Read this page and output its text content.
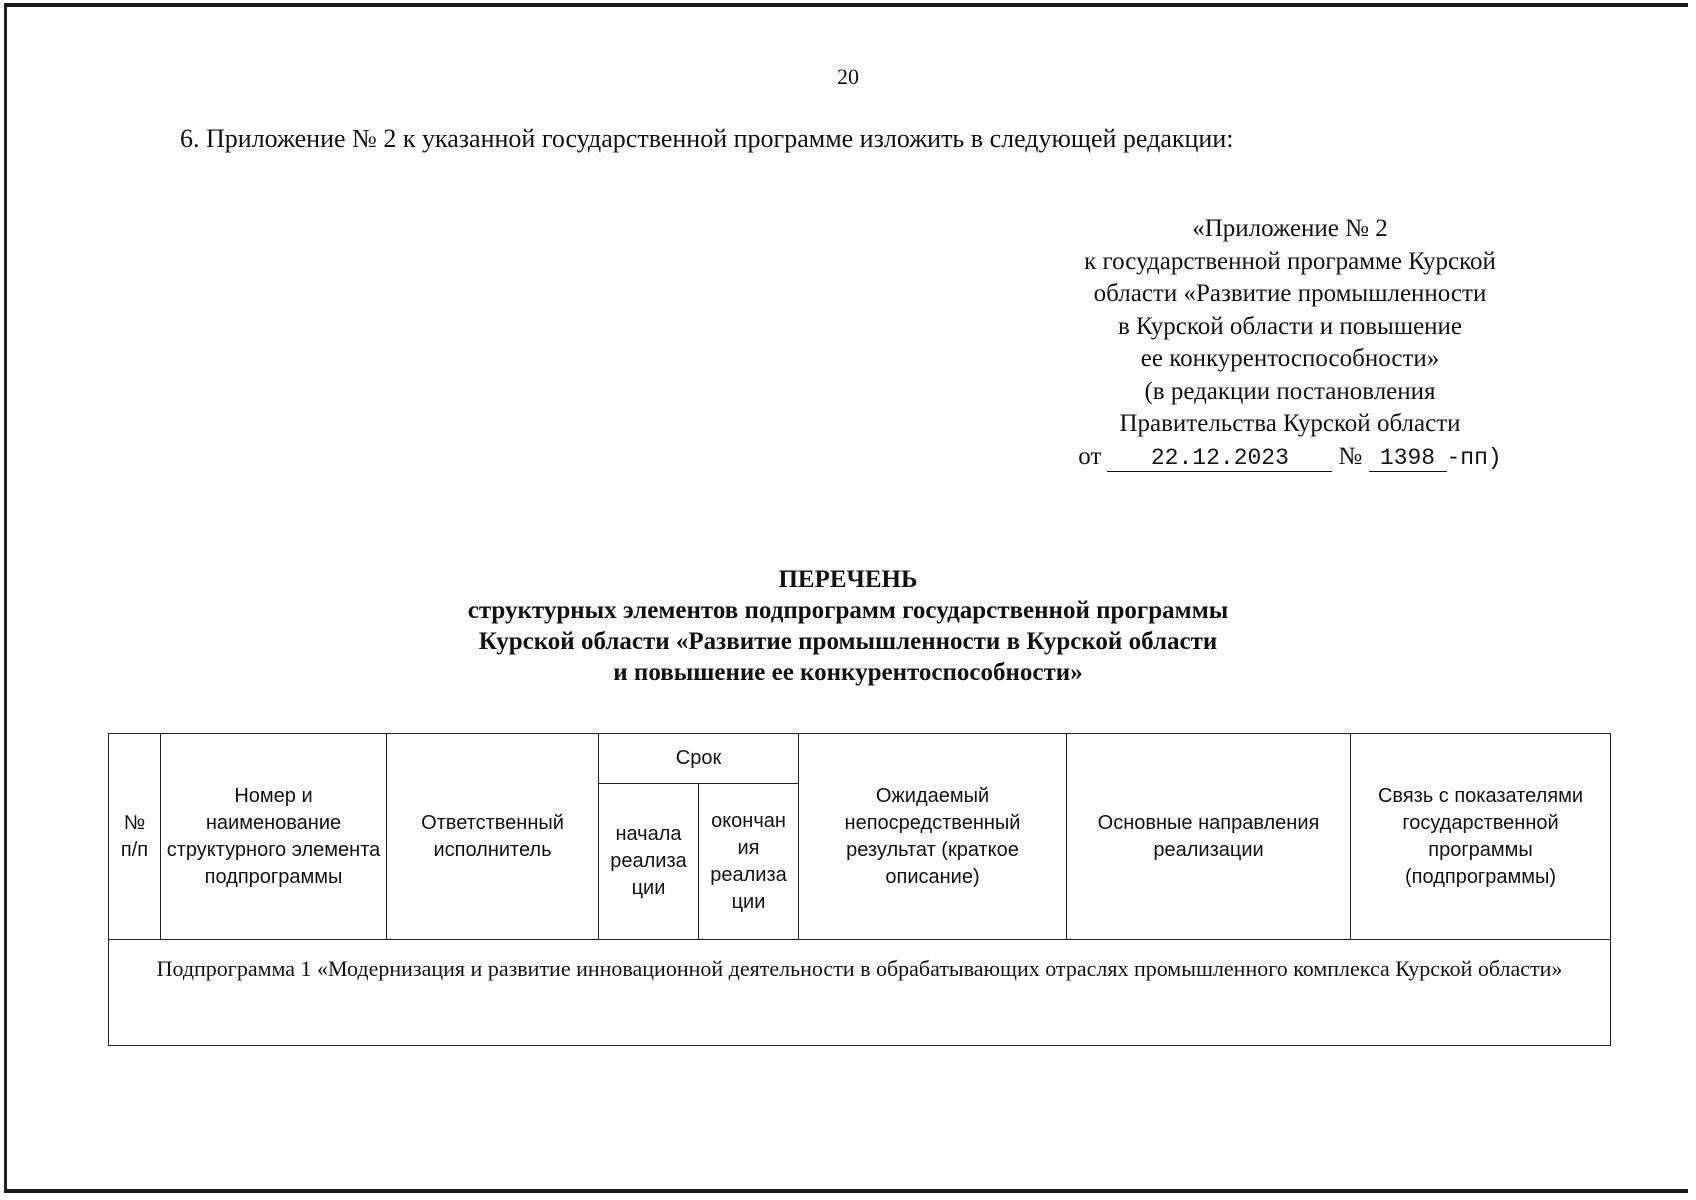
20
6. Приложение № 2 к указанной государственной программе изложить в следующей редакции:
«Приложение № 2
к государственной программе Курской
области «Развитие промышленности
в Курской области и повышение
ее конкурентоспособности»
(в редакции постановления
Правительства Курской области
от 22.12.2023 № 1398 -пп)
ПЕРЕЧЕНЬ
структурных элементов подпрограмм государственной программы
Курской области «Развитие промышленности в Курской области
и повышение ее конкурентоспособности»
№ п/п	Номер и наименование структурного элемента подпрограммы	Ответственный исполнитель	Срок		Ожидаемый непосредственный результат (краткое описание)	Основные направления реализации	Связь с показателями государственной программы (подпрограммы)
			начала реализа ции	окончан ия реализа ции			
Подпрограмма 1 «Модернизация и развитие инновационной деятельности в обрабатывающих отраслях промышленного комплекса Курской области»							
